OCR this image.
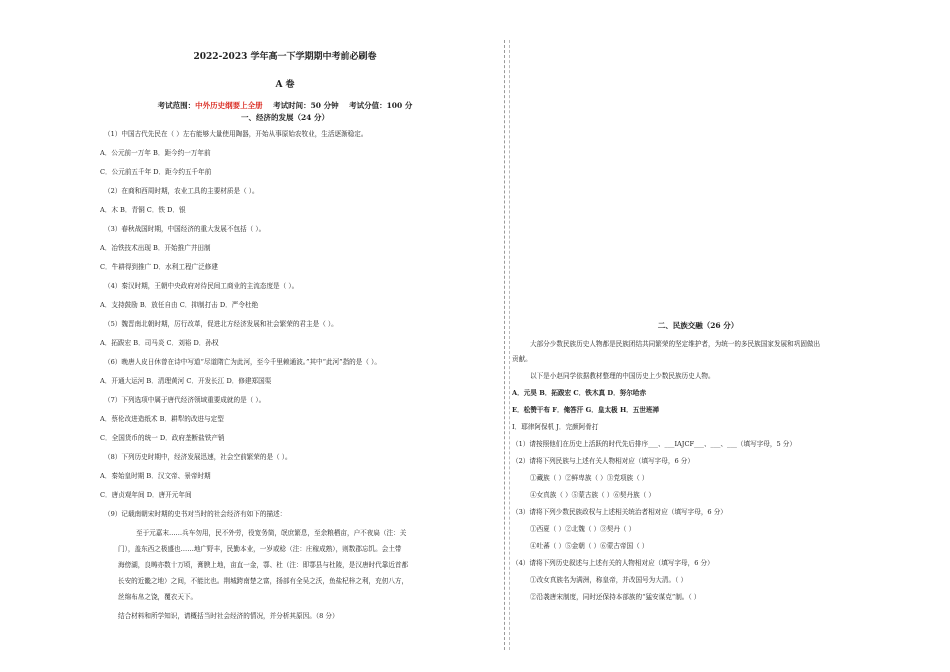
2022-2023 学年高一下学期期中考前必刷卷
A 卷
考试范围：中外历史纲要上全册 考试时间：50 分钟 考试分值：100 分
一、经济的发展（24 分）
（1）中国古代先民在（ ）左右能够大量使用陶器，开始从事原始农牧业，生活逐渐稳定。
A．公元前一万年 B．距今约一万年前
C．公元前五千年 D．距今约五千年前
（2）在商和西周时期，农业工具的主要材质是（ ）。
A．木 B．青铜 C．铁 D．银
（3）春秋战国时期，中国经济的重大发展不包括（ ）。
A．冶铁技术出现 B．开始推广井田制
C．牛耕得到推广 D．水利工程广泛修建
（4）秦汉时期，王朝中央政府对待民间工商业的主流态度是（ ）。
A．支持鼓励 B．放任自由 C．抑制打击 D．严令杜绝
（5）魏晋南北朝时期，厉行改革，促进北方经济发展和社会繁荣的君主是（ ）。
A．拓跋宏 B．司马炎 C．刘裕 D．孙权
（6）晚唐人皮日休曾在诗中写道“尽道隋亡为此河，至今千里赖通波。”其中“此河”指的是（ ）。
A．开通大运河 B．清理黄河 C．开发长江 D．修建郑国渠
（7）下列选项中属于唐代经济领域重要成就的是（ ）。
A．蔡伦改进造纸术 B．耕犁的改进与定型
C．全国货币的统一 D．政府垄断盐铁产销
（8）下列历史时期中，经济发展迅速，社会空前繁荣的是（ ）。
A．秦始皇时期 B．汉文帝、景帝时期
C．唐贞观年间 D．唐开元年间
（9）记载南朝宋时期的史书对当时的社会经济有如下的描述：
至于元嘉末……兵车勿用，民不外劳，役宽务简，氓庶繁息，至余粮栖亩，户不夜扃（注：关
门），盖东西之极盛也……地广野丰，民勤本业，一岁或稔（注：庄稼成熟），则数郡忘饥。会土带
海傍湖，良畴亦数十万顷，膏腴上地，亩直一金，鄠、杜（注：即鄠县与杜陵，是汉唐时代靠近首都
长安的近畿之地）之间，不能比也。荆城跨南楚之富，扬部有全吴之沃，鱼盐杞梓之利，充仞八方，
丝绵布帛之饶，覆衣天下。
结合材料和所学知识，请概括当时社会经济的情况，并分析其原因。（8 分）
二、民族交融（26 分）
大部分少数民族历史人物都是民族团结共同繁荣的坚定维护者，为统一的多民族国家发展和巩固做出
贡献。
以下是小赵同学依据教材整理的中国历史上少数民族历史人物。
A．元昊 B．拓跋宏 C．铁木真 D．努尔哈赤
E．松赞干布 F．俺答汗 G．皇太极 H．五世班禅
I．耶律阿保机 J．完颜阿骨打
（1）请按照他们在历史上活跃的时代先后排序___、___IAJCF___、___、___（填写字母，5 分）
（2）请将下列民族与上述有关人物相对应（填写字母，6 分）
①藏族（ ）②鲜卑族（ ）③党项族（ ）
④女真族（ ）⑤蒙古族（ ）⑥契丹族（ ）
（3）请将下列少数民族政权与上述相关统治者相对应（填写字母，6 分）
①西夏（ ）②北魏（ ）③契丹（ ）
④吐蕃（ ）⑤金朝（ ）⑥蒙古帝国（ ）
（4）请将下列历史叙述与上述有关的人物相对应（填写字母，6 分）
①改女真族名为满洲，称皇帝，并改国号为大清。（ ）
②沿袭唐宋制度，同时还保持本部族的“猛安谋克”制。（ ）
